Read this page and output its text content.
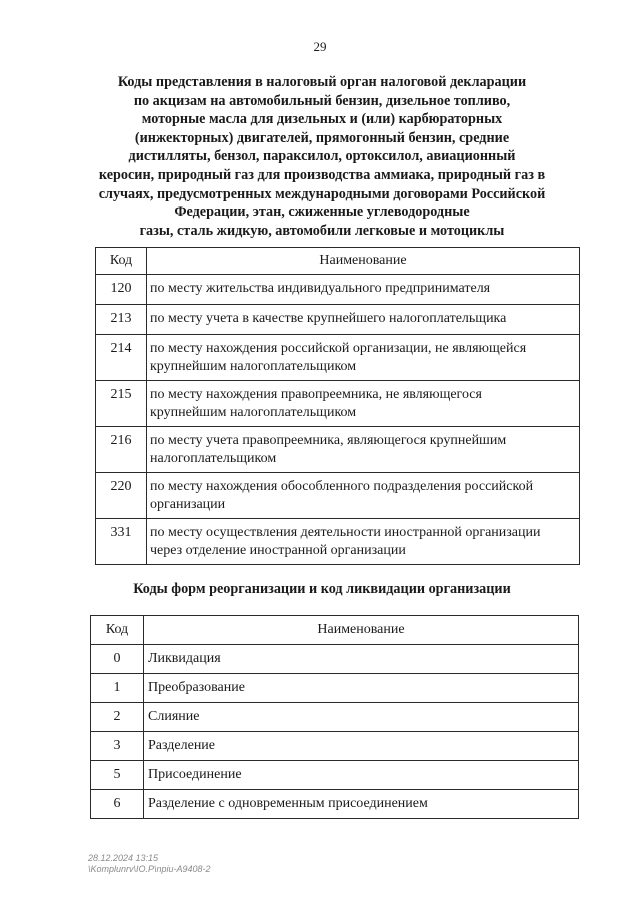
29
Коды представления в налоговый орган налоговой декларации
по акцизам на автомобильный бензин, дизельное топливо,
моторные масла для дизельных и (или) карбюраторных
(инжекторных) двигателей, прямогонный бензин, средние
дистилляты, бензол, параксилол, ортоксилол, авиационный
керосин, природный газ для производства аммиака, природный газ в
случаях, предусмотренных международными договорами Российской
Федерации, этан, сжиженные углеводородные
газы, сталь жидкую, автомобили легковые и мотоциклы
Код	Наименование
120	по месту жительства индивидуального предпринимателя
213	по месту учета в качестве крупнейшего налогоплательщика
214	по месту нахождения российской организации, не являющейся
крупнейшим налогоплательщиком
215	по месту нахождения правопреемника, не являющегося
крупнейшим налогоплательщиком
216	по месту учета правопреемника, являющегося крупнейшим
налогоплательщиком
220	по месту нахождения обособленного подразделения российской
организации
331	по месту осуществления деятельности иностранной организации
через отделение иностранной организации
Коды форм реорганизации и код ликвидации организации
Код	Наименование
0	Ликвидация
1	Преобразование
2	Слияние
3	Разделение
5	Присоединение
6	Разделение с одновременным присоединением
28.12.2024 13:15
\Komplunrv\IO.P\npiu-A9408-2
